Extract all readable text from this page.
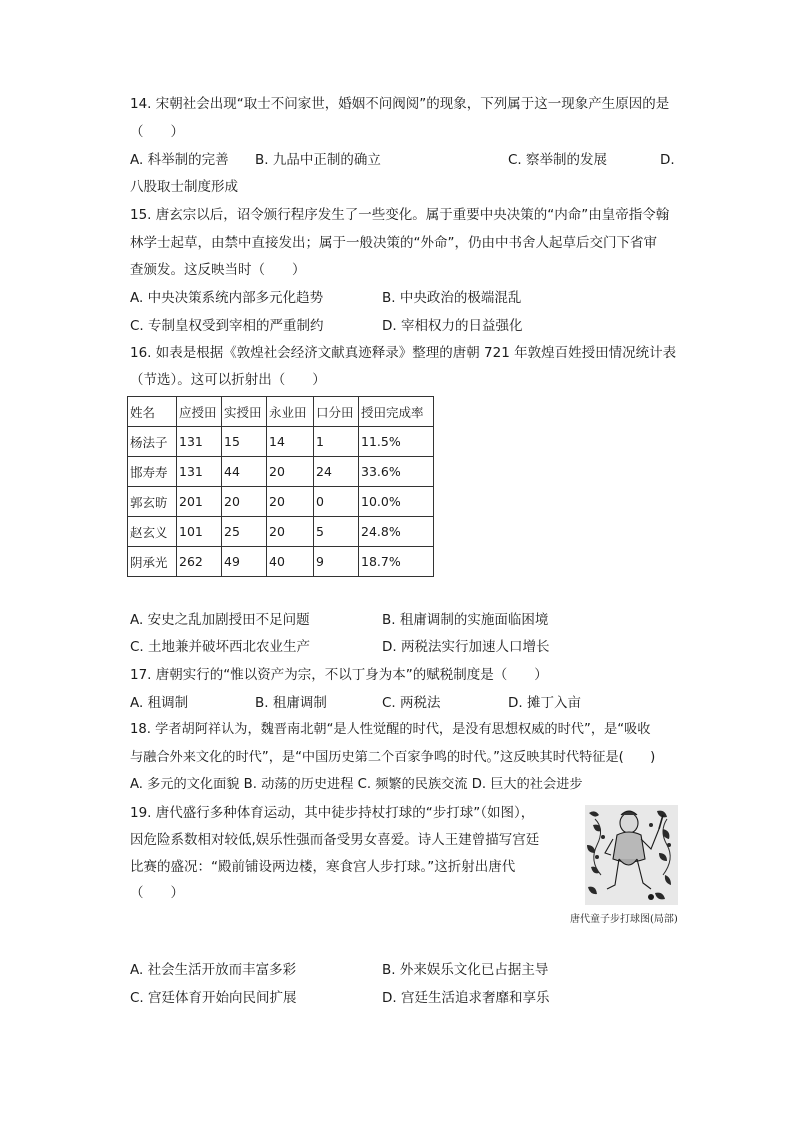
14. 宋朝社会出现“取士不问家世，婚姻不问阀阅”的现象，下列属于这一现象产生原因的是
（　　）
A. 科举制的完善 B. 九品中正制的确立	C. 察举制的发展	D.
八股取士制度形成
15. 唐玄宗以后，诏令颁行程序发生了一些变化。属于重要中央决策的“内命”由皇帝指令翰
林学士起草，由禁中直接发出；属于一般决策的“外命”，仍由中书舍人起草后交门下省审
查颁发。这反映当时（　　）
A. 中央决策系统内部多元化趋势	B. 中央政治的极端混乱
C. 专制皇权受到宰相的严重制约	D. 宰相权力的日益强化
16. 如表是根据《敦煌社会经济文献真迹释录》整理的唐朝 721 年敦煌百姓授田情况统计表
（节选）。这可以折射出（　　）
姓名	应授田	实授田	永业田	口分田	授田完成率
杨法子	131	15	14	1	11.5%
邯寿寿	131	44	20	24	33.6%
郭玄昉	201	20	20	0	10.0%
赵玄义	101	25	20	5	24.8%
阴承光	262	49	40	9	18.7%
A. 安史之乱加剧授田不足问题	B. 租庸调制的实施面临困境
C. 土地兼并破坏西北农业生产	D. 两税法实行加速人口增长
17. 唐朝实行的“惟以资产为宗，不以丁身为本”的赋税制度是（　　）
A. 租调制	B. 租庸调制	C. 两税法	D. 摊丁入亩
18. 学者胡阿祥认为，魏晋南北朝“是人性觉醒的时代，是没有思想权威的时代”，是“吸收
与融合外来文化的时代”，是“中国历史第二个百家争鸣的时代。”这反映其时代特征是(　　)
A. 多元的文化面貌 B. 动荡的历史进程 C. 频繁的民族交流 D. 巨大的社会进步
19. 唐代盛行多种体育运动，其中徒步持杖打球的“步打球”（如图），
因危险系数相对较低,娱乐性强而备受男女喜爱。诗人王建曾描写宫廷
比赛的盛况：“殿前铺设两边楼，寒食宫人步打球。”这折射出唐代
（　　）
唐代童子步打球图(局部)
A. 社会生活开放而丰富多彩	B. 外来娱乐文化已占据主导
C. 宫廷体育开始向民间扩展	D. 宫廷生活追求奢靡和享乐
